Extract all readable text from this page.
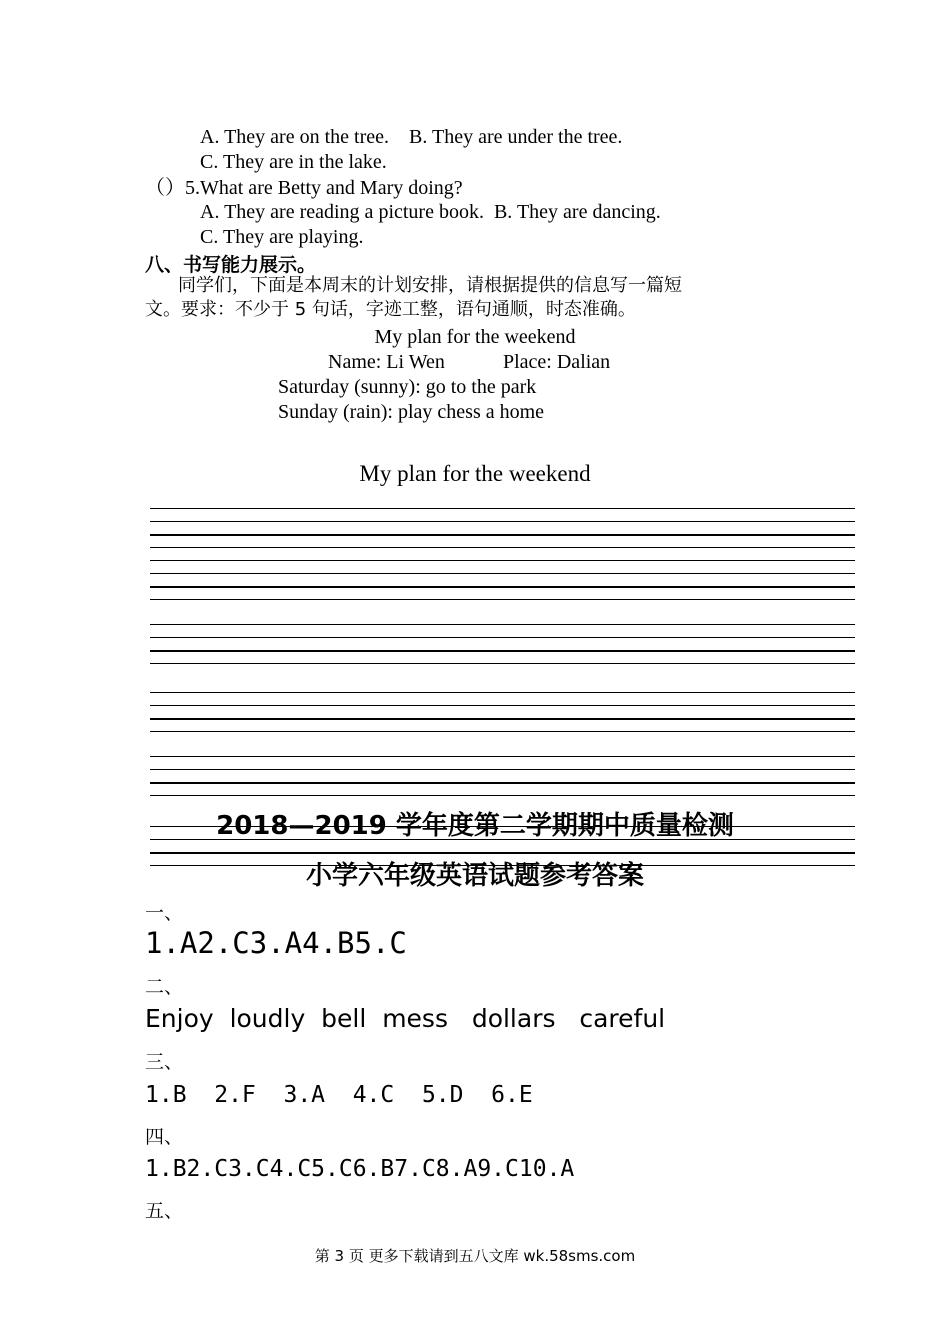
A. They are on the tree. B. They are under the tree.
C. They are in the lake.
（）5.What are Betty and Mary doing?
A. They are reading a picture book. B. They are dancing.
C. They are playing.
八、书写能力展示。
同学们，下面是本周末的计划安排，请根据提供的信息写一篇短
文。要求：不少于 5 句话，字迹工整，语句通顺，时态准确。
My plan for the weekend
Name: Li Wen	Place: Dalian
Saturday (sunny): go to the park
Sunday (rain): play chess a home
My plan for the weekend
2018—2019 学年度第二学期期中质量检测
小学六年级英语试题参考答案
一、
1.A2.C3.A4.B5.C
二、
Enjoy  loudly  bell  mess   dollars   careful
三、
1.B  2.F  3.A  4.C  5.D  6.E
四、
1.B2.C3.C4.C5.C6.B7.C8.A9.C10.A
五、
第 3 页 更多下载请到五八文库 wk.58sms.com
